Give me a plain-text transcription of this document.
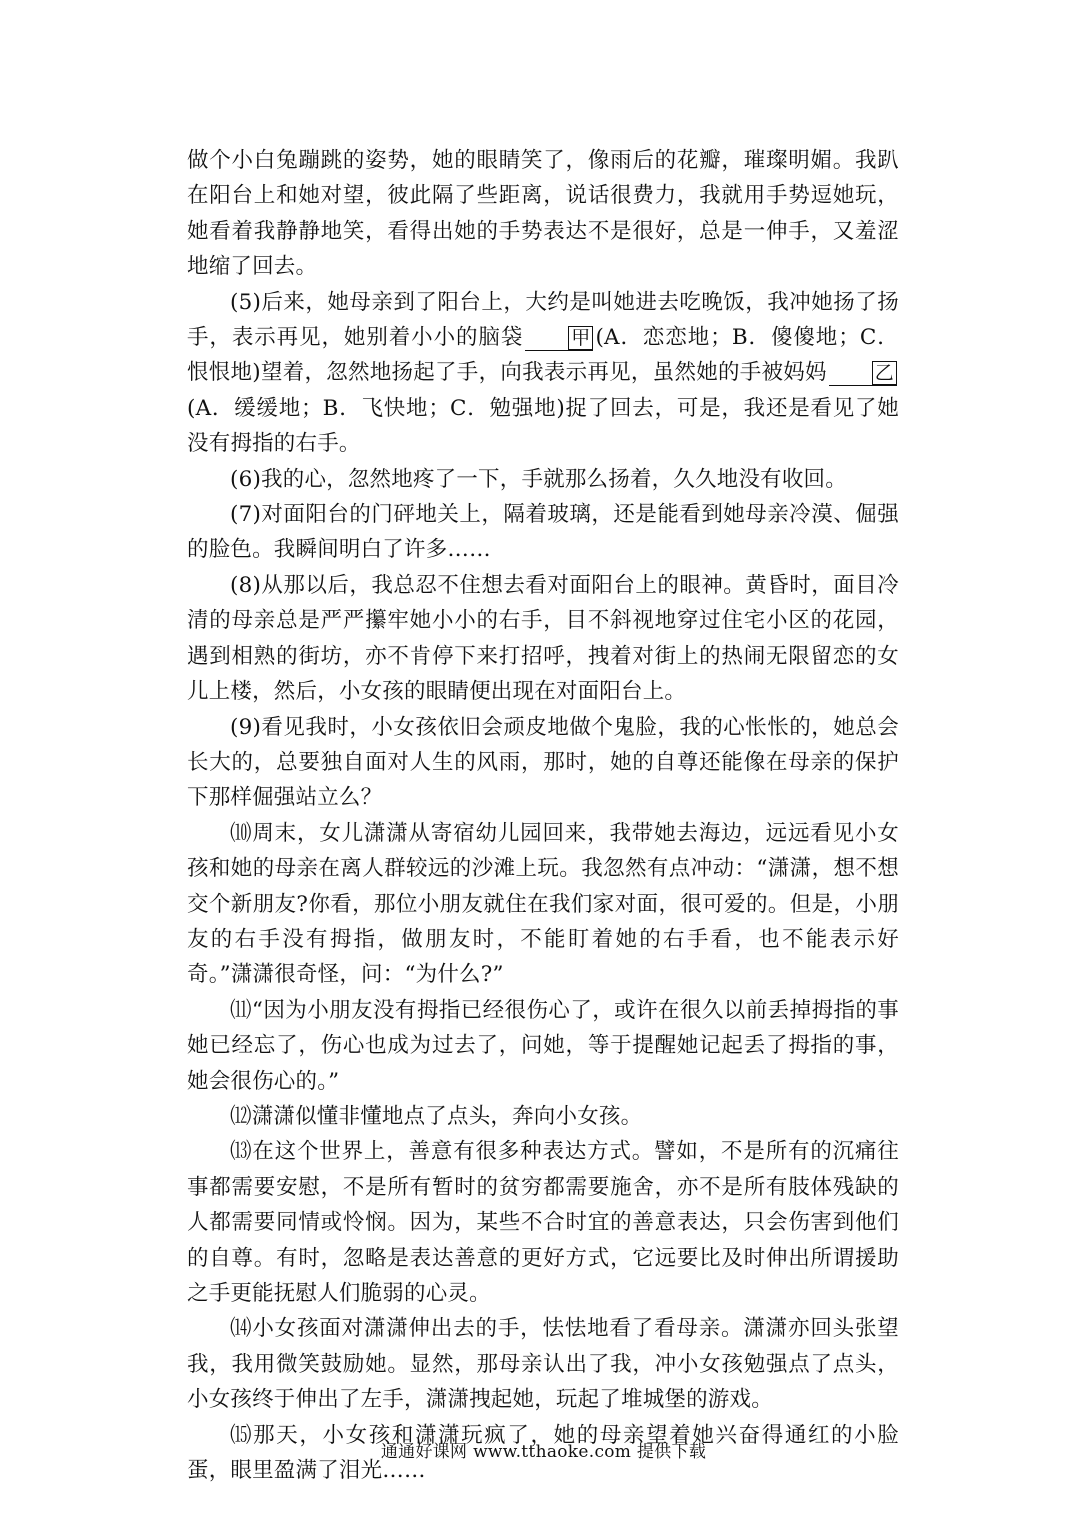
做个小白兔蹦跳的姿势，她的眼睛笑了，像雨后的花瓣，璀璨明媚。我趴在阳台上和她对望，彼此隔了些距离，说话很费力，我就用手势逗她玩，她看着我静静地笑，看得出她的手势表达不是很好，总是一伸手，又羞涩地缩了回去。

(5)后来，她母亲到了阳台上，大约是叫她进去吃晚饭，我冲她扬了扬手，表示再见，她别着小小的脑袋	甲 (A．恋恋地；B．傻傻地；C．恨恨地)望着，忽然地扬起了手，向我表示再见，虽然她的手被妈妈	乙(A．缓缓地；B．飞快地；C．勉强地)捉了回去，可是，我还是看见了她没有拇指的右手。

(6)我的心，忽然地疼了一下，手就那么扬着，久久地没有收回。

(7)对面阳台的门砰地关上，隔着玻璃，还是能看到她母亲冷漠、倔强的脸色。我瞬间明白了许多……

(8)从那以后，我总忍不住想去看对面阳台上的眼神。黄昏时，面目冷清的母亲总是严严攥牢她小小的右手，目不斜视地穿过住宅小区的花园，遇到相熟的街坊，亦不肯停下来打招呼，拽着对街上的热闹无限留恋的女儿上楼，然后，小女孩的眼睛便出现在对面阳台上。

(9)看见我时，小女孩依旧会顽皮地做个鬼脸，我的心怅怅的，她总会长大的，总要独自面对人生的风雨，那时，她的自尊还能像在母亲的保护下那样倔强站立么？

⑽周末，女儿潇潇从寄宿幼儿园回来，我带她去海边，远远看见小女孩和她的母亲在离人群较远的沙滩上玩。我忽然有点冲动：“潇潇，想不想交个新朋友?你看，那位小朋友就住在我们家对面，很可爱的。但是，小朋友的右手没有拇指，做朋友时，不能盯着她的右手看，也不能表示好奇。”潇潇很奇怪，问：“为什么?”

⑾“因为小朋友没有拇指已经很伤心了，或许在很久以前丢掉拇指的事她已经忘了，伤心也成为过去了，问她，等于提醒她记起丢了拇指的事，她会很伤心的。”

⑿潇潇似懂非懂地点了点头，奔向小女孩。

⒀在这个世界上，善意有很多种表达方式。譬如，不是所有的沉痛往事都需要安慰，不是所有暂时的贫穷都需要施舍，亦不是所有肢体残缺的人都需要同情或怜悯。因为，某些不合时宜的善意表达，只会伤害到他们的自尊。有时，忽略是表达善意的更好方式，它远要比及时伸出所谓援助之手更能抚慰人们脆弱的心灵。

⒁小女孩面对潇潇伸出去的手，怯怯地看了看母亲。潇潇亦回头张望我，我用微笑鼓励她。显然，那母亲认出了我，冲小女孩勉强点了点头，小女孩终于伸出了左手，潇潇拽起她，玩起了堆城堡的游戏。

⒂那天，小女孩和潇潇玩疯了，她的母亲望着她兴奋得通红的小脸蛋，眼里盈满了泪光……

通通好课网 www.tthaoke.com 提供下载
